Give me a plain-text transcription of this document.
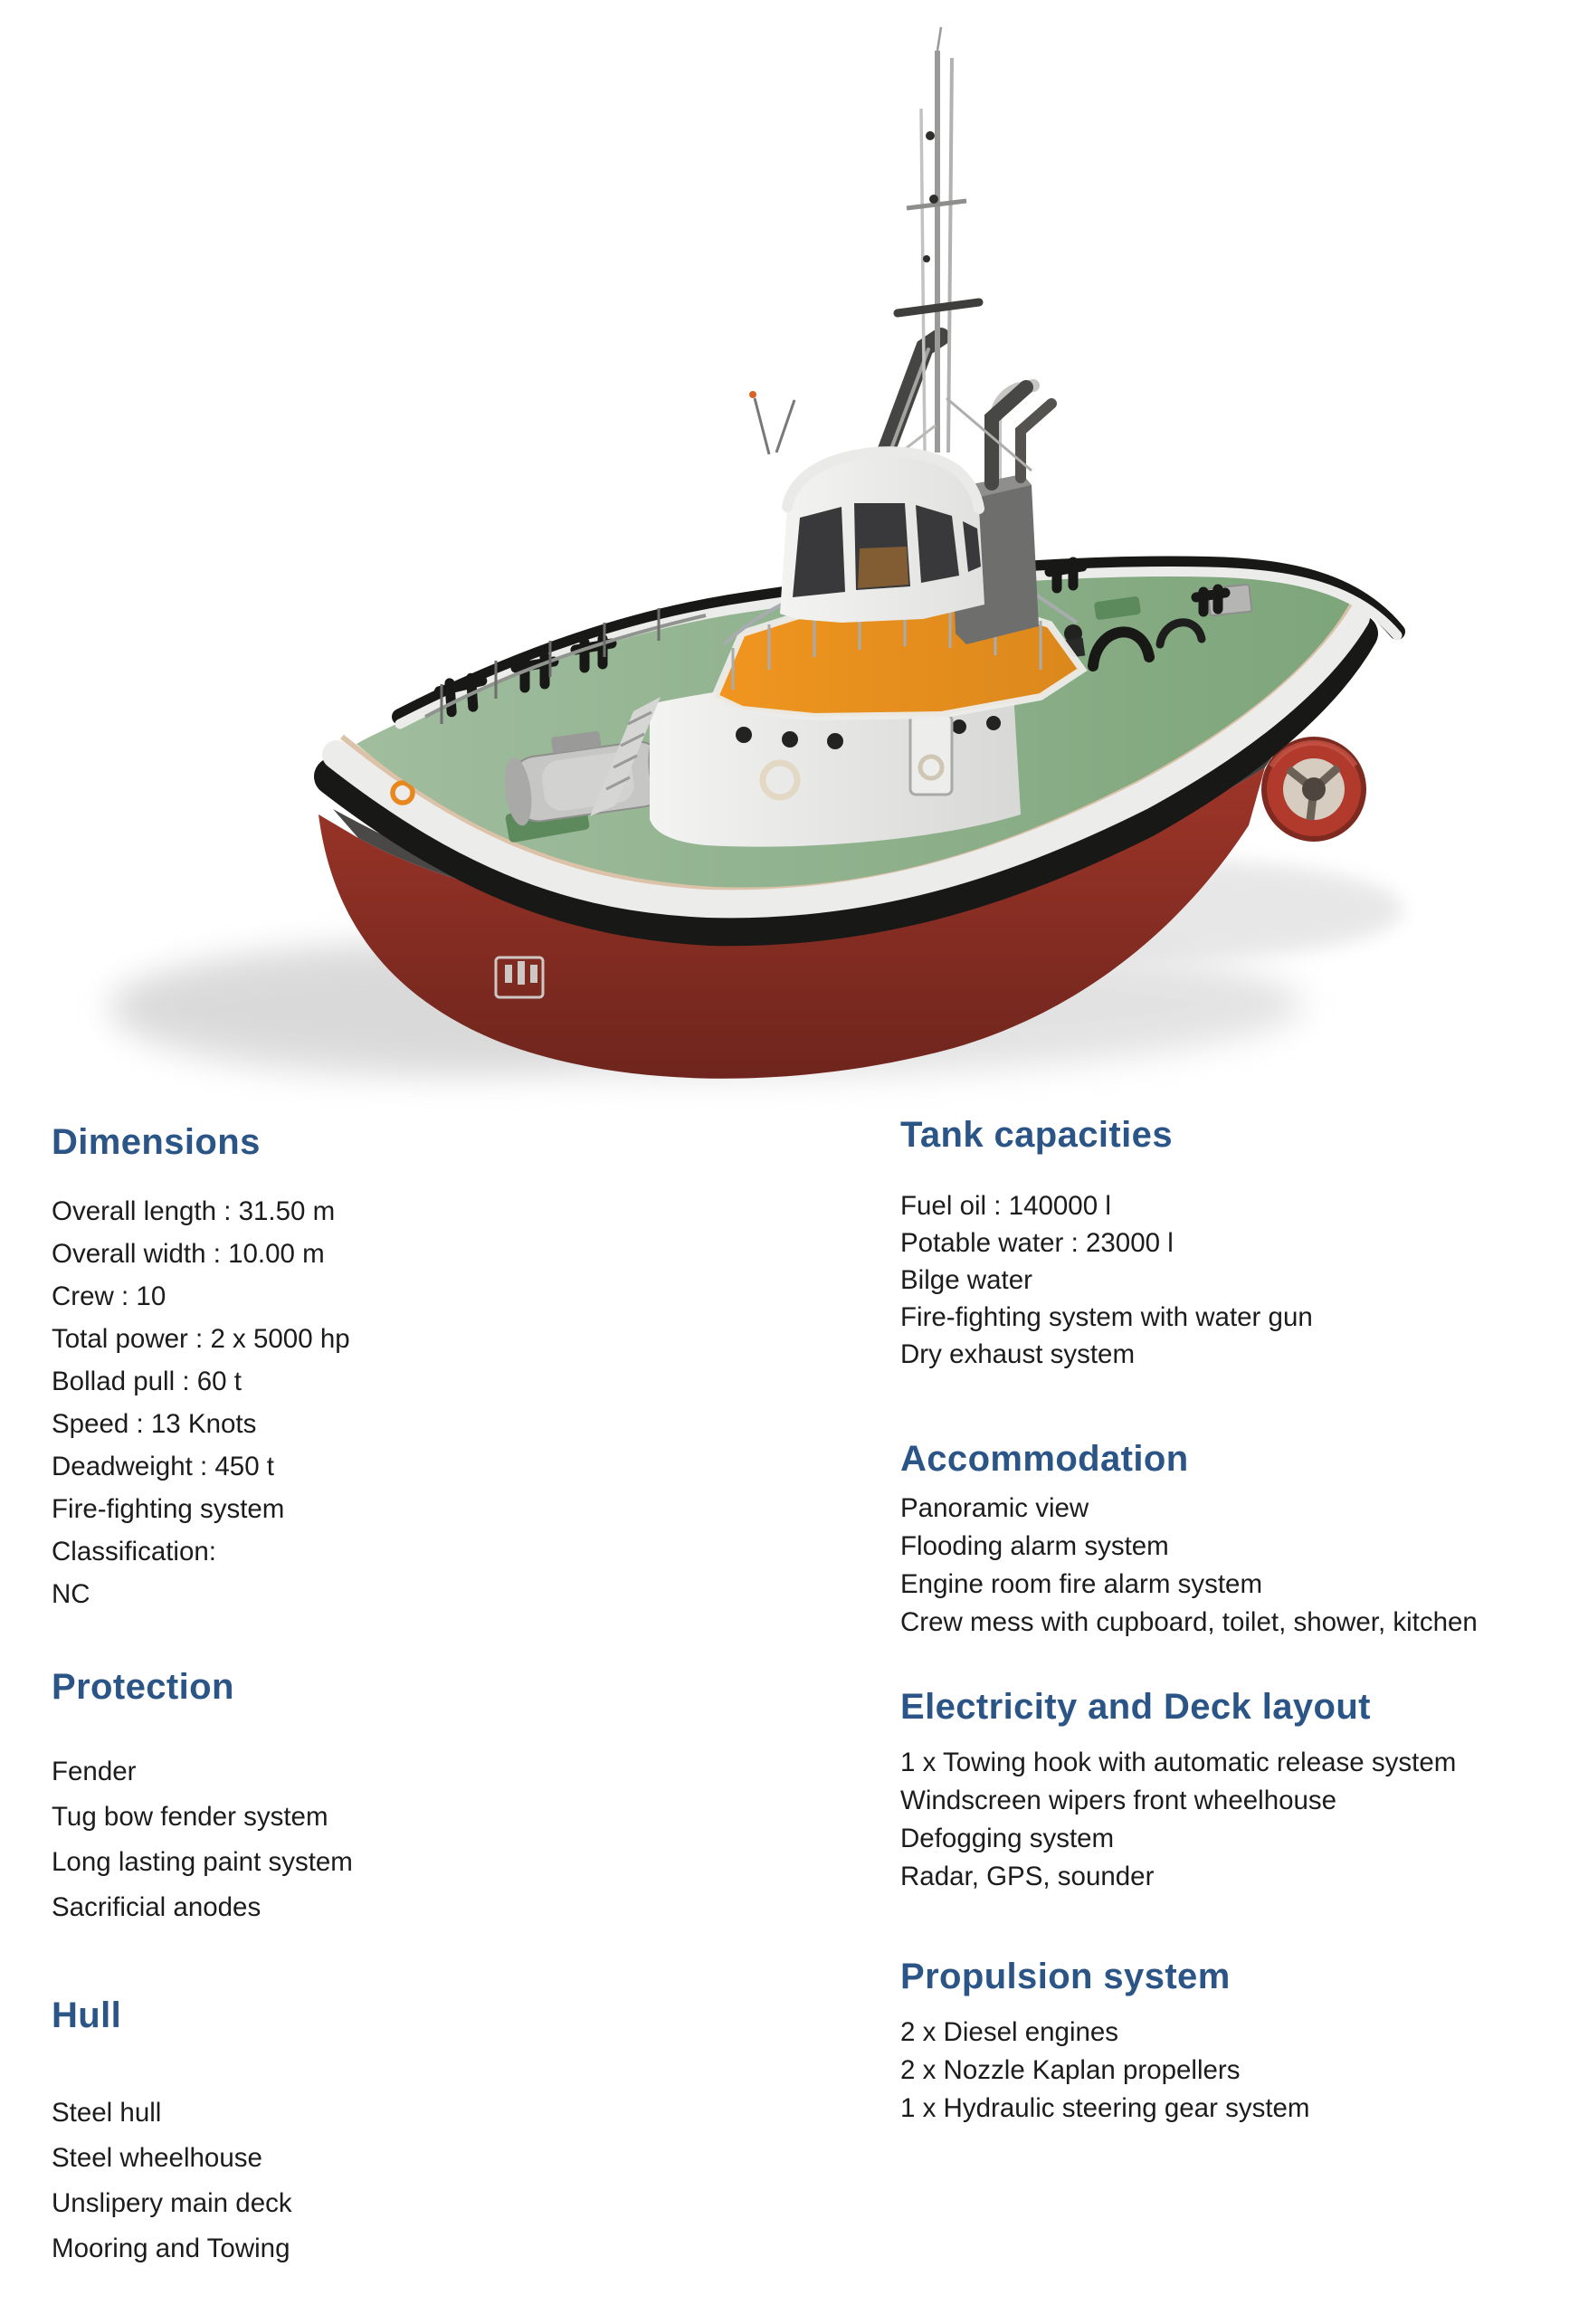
Dimensions
Overall length : 31.50 m
Overall width : 10.00 m
Crew : 10
Total power : 2 x 5000 hp
Bollad pull : 60 t
Speed : 13 Knots
Deadweight : 450 t
Fire-fighting system
Classification:
NC
Protection
Fender
Tug bow fender system
Long lasting paint system
Sacrificial anodes
Hull
Steel hull
Steel wheelhouse
Unslipery main deck
Mooring and Towing
Tank capacities
Fuel oil : 140000 l
Potable water : 23000 l
Bilge water
Fire-fighting system with water gun
Dry exhaust system
Accommodation
Panoramic view
Flooding alarm system
Engine room fire alarm system
Crew mess with cupboard, toilet, shower, kitchen
Electricity and Deck layout
1 x Towing hook with automatic release system
Windscreen wipers front wheelhouse
Defogging system
Radar, GPS, sounder
Propulsion system
2 x Diesel engines
2 x Nozzle Kaplan propellers
1 x Hydraulic steering gear system
